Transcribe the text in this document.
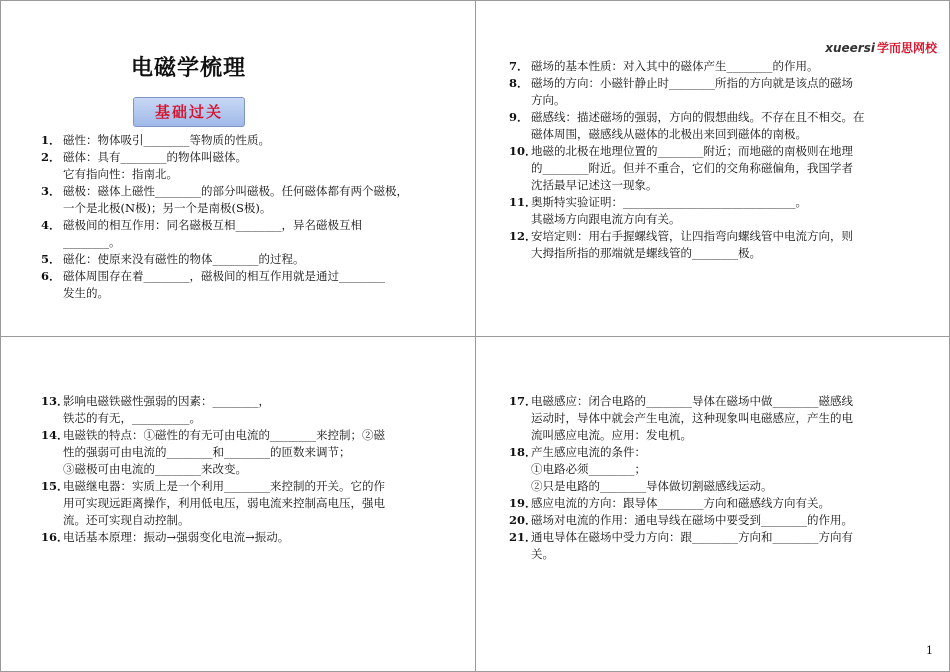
电磁学梳理
基础过关
1． 磁性：物体吸引________等物质的性质。
2． 磁体：具有________的物体叫磁体。
它有指向性：指南北。
3． 磁极：磁体上磁性________的部分叫磁极。任何磁体都有两个磁极，
一个是北极(N极)；另一个是南极(S极)。
4． 磁极间的相互作用：同名磁极互相________，异名磁极互相
________。
5． 磁化：使原来没有磁性的物体________的过程。
6． 磁体周围存在着________，磁极间的相互作用就是通过________
发生的。
xueersi 学而思网校
7． 磁场的基本性质：对入其中的磁体产生________的作用。
8． 磁场的方向：小磁针静止时________所指的方向就是该点的磁场
方向。
9． 磁感线：描述磁场的强弱，方向的假想曲线。不存在且不相交。在
磁体周围，磁感线从磁体的北极出来回到磁体的南极。
10．
地磁的北极在地理位置的________附近；而地磁的南极则在地理
的________附近。但并不重合，它们的交角称磁偏角，我国学者
沈括最早记述这一现象。
11．
奥斯特实验证明：______________________________。
其磁场方向跟电流方向有关。
12．
安培定则：用右手握螺线管，让四指弯向螺线管中电流方向，则
大拇指所指的那端就是螺线管的________极。
13．
影响电磁铁磁性强弱的因素：________，
铁芯的有无，__________。
14．
电磁铁的特点：①磁性的有无可由电流的________来控制；②磁
性的强弱可由电流的________和________的匝数来调节；
③磁极可由电流的________来改变。
15．
电磁继电器：实质上是一个利用________来控制的开关。它的作
用可实现远距离操作，利用低电压，弱电流来控制高电压，强电
流。还可实现自动控制。
16．
电话基本原理：振动→强弱变化电流→振动。
17．
电磁感应：闭合电路的________导体在磁场中做________磁感线
运动时，导体中就会产生电流，这种现象叫电磁感应，产生的电
流叫感应电流。应用：发电机。
18．
产生感应电流的条件：
①电路必须________；
②只是电路的________导体做切割磁感线运动。
19．
感应电流的方向：跟导体________方向和磁感线方向有关。
20．
磁场对电流的作用：通电导线在磁场中要受到________的作用。
21．
通电导体在磁场中受力方向：跟________方向和________方向有
关。
1
